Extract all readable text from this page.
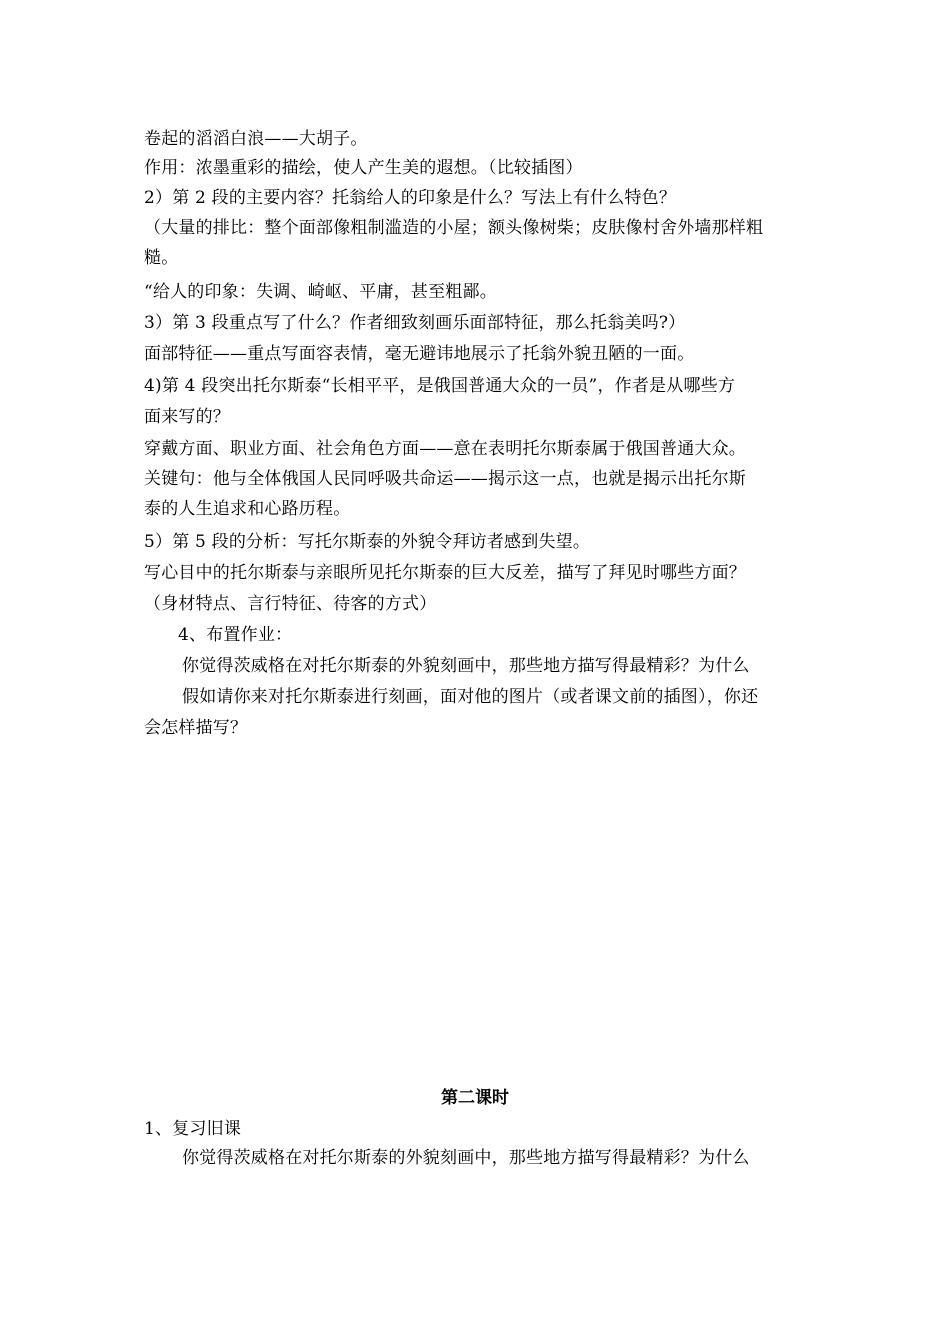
卷起的滔滔白浪——大胡子。
作用：浓墨重彩的描绘，使人产生美的遐想。（比较插图）
2）第 2 段的主要内容？托翁给人的印象是什么？写法上有什么特色？
（大量的排比：整个面部像粗制滥造的小屋；额头像树柴；皮肤像村舍外墙那样粗
糙。
“给人的印象：失调、崎岖、平庸，甚至粗鄙。
3）第 3 段重点写了什么？作者细致刻画乐面部特征，那么托翁美吗?）
面部特征——重点写面容表情，毫无避讳地展示了托翁外貌丑陋的一面。
4)第 4 段突出托尔斯泰“长相平平，是俄国普通大众的一员”，作者是从哪些方
面来写的？
穿戴方面、职业方面、社会角色方面——意在表明托尔斯泰属于俄国普通大众。
关键句：他与全体俄国人民同呼吸共命运——揭示这一点，也就是揭示出托尔斯
泰的人生追求和心路历程。
5）第 5 段的分析：写托尔斯泰的外貌令拜访者感到失望。
写心目中的托尔斯泰与亲眼所见托尔斯泰的巨大反差，描写了拜见时哪些方面？
（身材特点、言行特征、待客的方式）
4、布置作业：
你觉得茨威格在对托尔斯泰的外貌刻画中，那些地方描写得最精彩？为什么
假如请你来对托尔斯泰进行刻画，面对他的图片（或者课文前的插图），你还
会怎样描写？
第二课时
1、复习旧课
你觉得茨威格在对托尔斯泰的外貌刻画中，那些地方描写得最精彩？为什么
